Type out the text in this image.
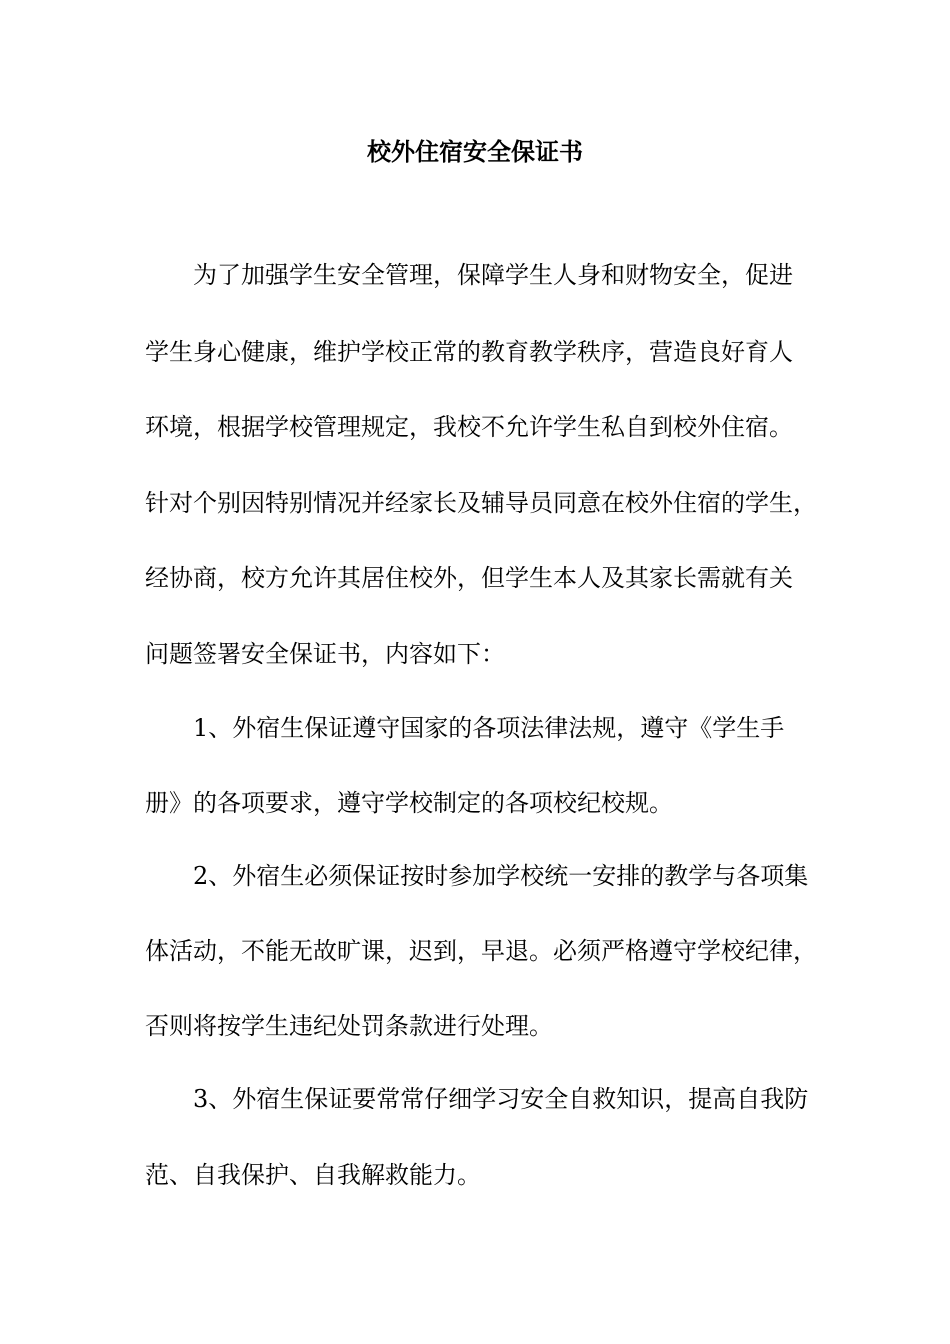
校外住宿安全保证书
为了加强学生安全管理，保障学生人身和财物安全，促进
学生身心健康，维护学校正常的教育教学秩序，营造良好育人
环境，根据学校管理规定，我校不允许学生私自到校外住宿。
针对个别因特别情况并经家长及辅导员同意在校外住宿的学生，
经协商，校方允许其居住校外，但学生本人及其家长需就有关
问题签署安全保证书，内容如下：
1、外宿生保证遵守国家的各项法律法规，遵守《学生手
册》的各项要求，遵守学校制定的各项校纪校规。
2、外宿生必须保证按时参加学校统一安排的教学与各项集
体活动，不能无故旷课，迟到，早退。必须严格遵守学校纪律，
否则将按学生违纪处罚条款进行处理。
3、外宿生保证要常常仔细学习安全自救知识，提高自我防
范、自我保护、自我解救能力。
